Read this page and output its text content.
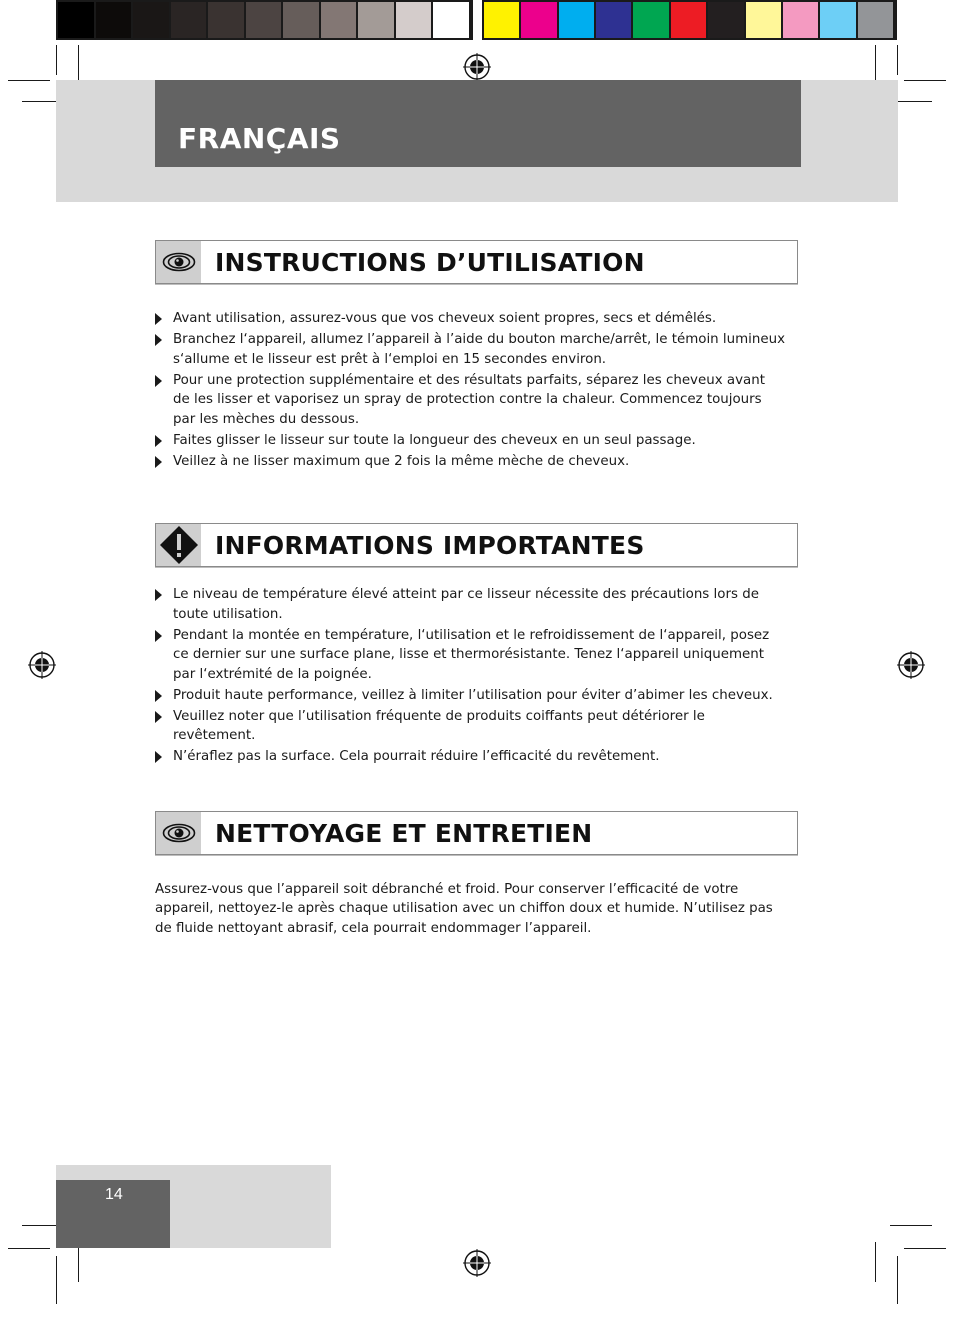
FRANÇAIS
INSTRUCTIONS D’UTILISATION
Avant utilisation, assurez-vous que vos cheveux soient propres, secs et démêlés.
Branchez l‘appareil, allumez l’appareil à l’aide du bouton marche/arrêt, le témoin lumineux s‘allume et le lisseur est prêt à l‘emploi en 15 secondes environ.
Pour une protection supplémentaire et des résultats parfaits, séparez les cheveux avant de les lisser et vaporisez un spray de protection contre la chaleur. Commencez toujours par les mèches du dessous.
Faites glisser le lisseur sur toute la longueur des cheveux en un seul passage.
Veillez à ne lisser maximum que 2 fois la même mèche de cheveux.
INFORMATIONS IMPORTANTES
Le niveau de température élevé atteint par ce lisseur nécessite des précautions lors de toute utilisation.
Pendant la montée en température, l‘utilisation et le refroidissement de l‘appareil, posez ce dernier sur une surface plane, lisse et thermorésistante. Tenez l‘appareil uniquement par l‘extrémité de la poignée.
Produit haute performance, veillez à limiter l’utilisation pour éviter d’abimer les cheveux.
Veuillez noter que l’utilisation fréquente de produits coiffants peut détériorer le revêtement.
N’éraflez pas la surface. Cela pourrait réduire l’efficacité du revêtement.
NETTOYAGE ET ENTRETIEN

Assurez-vous que l’appareil soit débranché et froid. Pour conserver l’efficacité de votre appareil, nettoyez-le après chaque utilisation avec un chiffon doux et humide. N’utilisez pas de fluide nettoyant abrasif, cela pourrait endommager l’appareil.

14
